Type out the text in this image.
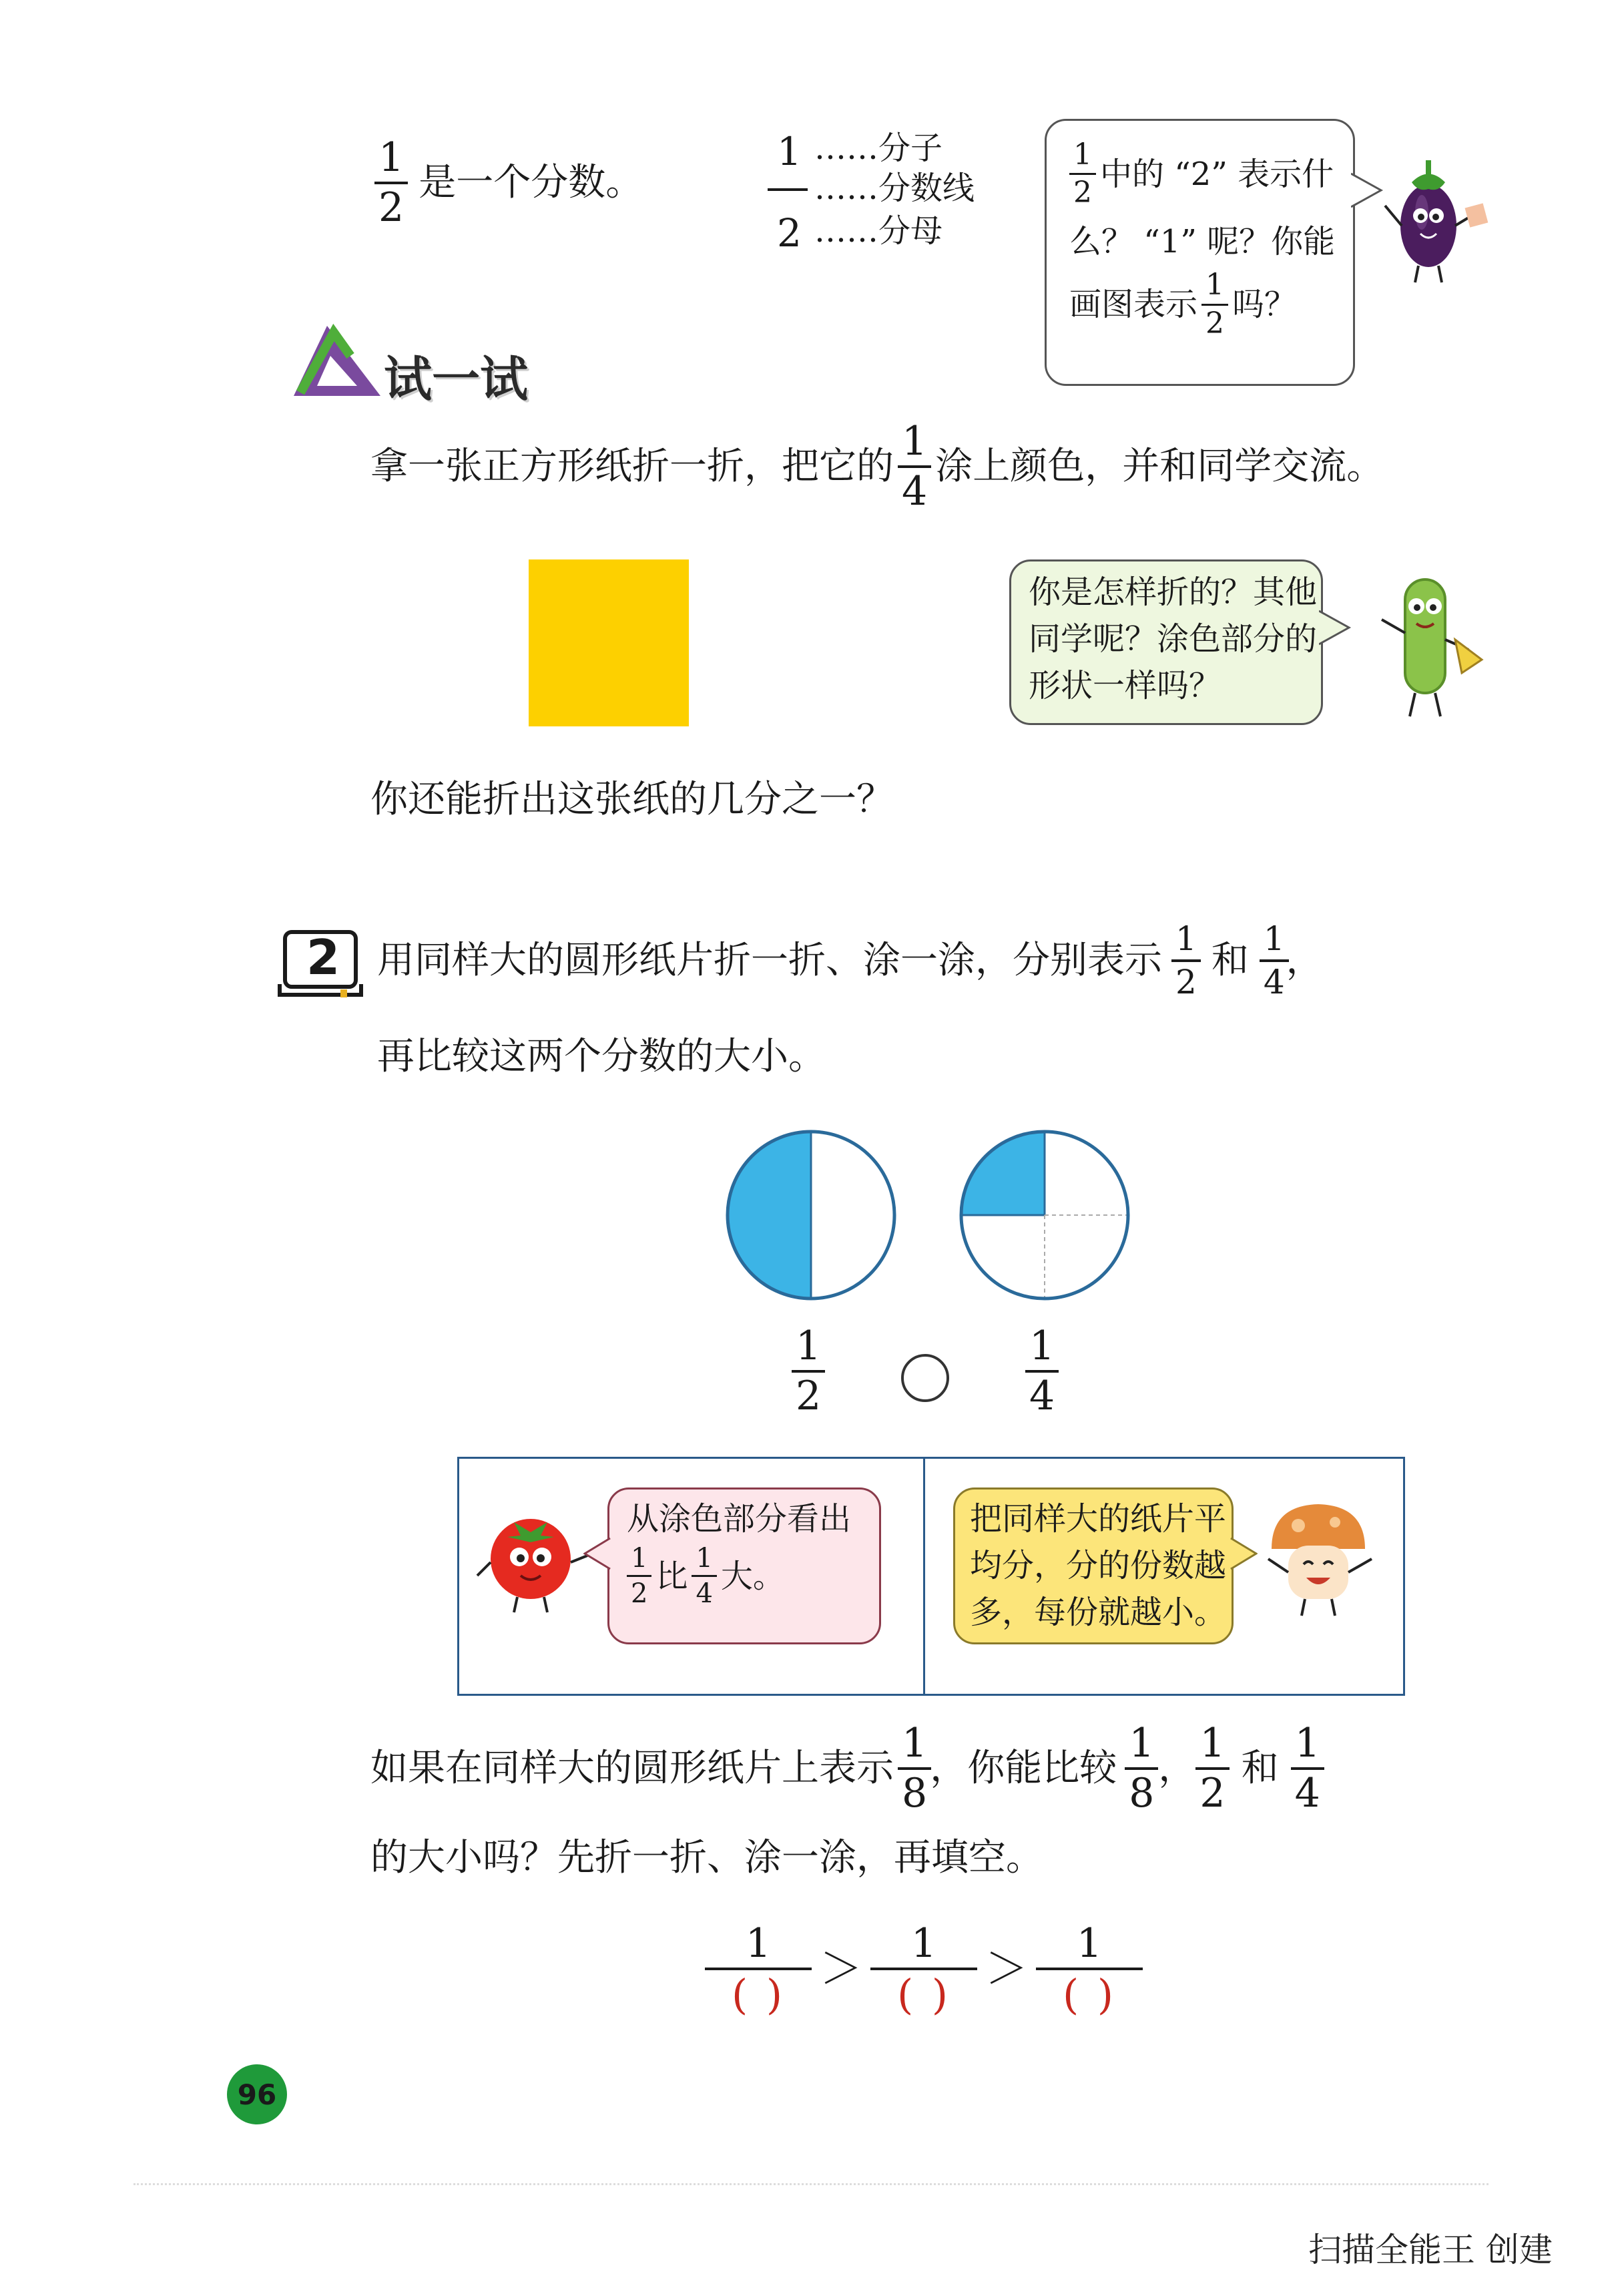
$\frac{1}{2}$ 是一个分数。
1 ……分子
……分数线
2 ……分母
$\frac{1}{2}$ 中的 “2” 表示什
么？ “1” 呢？你能
画图表示 $\frac{1}{2}$ 吗？
试一试
拿一张正方形纸折一折，把它的 $\frac{1}{4}$ 涂上颜色，并和同学交流。
你是怎样折的？其他
同学呢？涂色部分的
形状一样吗？
你还能折出这张纸的几分之一？
2 用同样大的圆形纸片折一折、涂一涂，分别表示 $\frac{1}{2}$ 和 $\frac{1}{4}$
，
再比较这两个分数的大小。
$\frac{1}{2}$	$\frac{1}{4}$
从涂色部分看出
$\frac{1}{2}$ 比 $\frac{1}{4}$ 大。
把同样大的纸片平
均分，分的份数越
多，每份就越小。
如果在同样大的圆形纸片上表示 $\frac{1}{8}$
，你能比较 $\frac{1}{8}$ ， $\frac{1}{2}$ 和 $\frac{1}{4}$
的大小吗？先折一折、涂一涂，再填空。
$\frac{1}{( )} > \frac{1}{( )} > \frac{1}{( )}$
96
扫描全能王 创建
